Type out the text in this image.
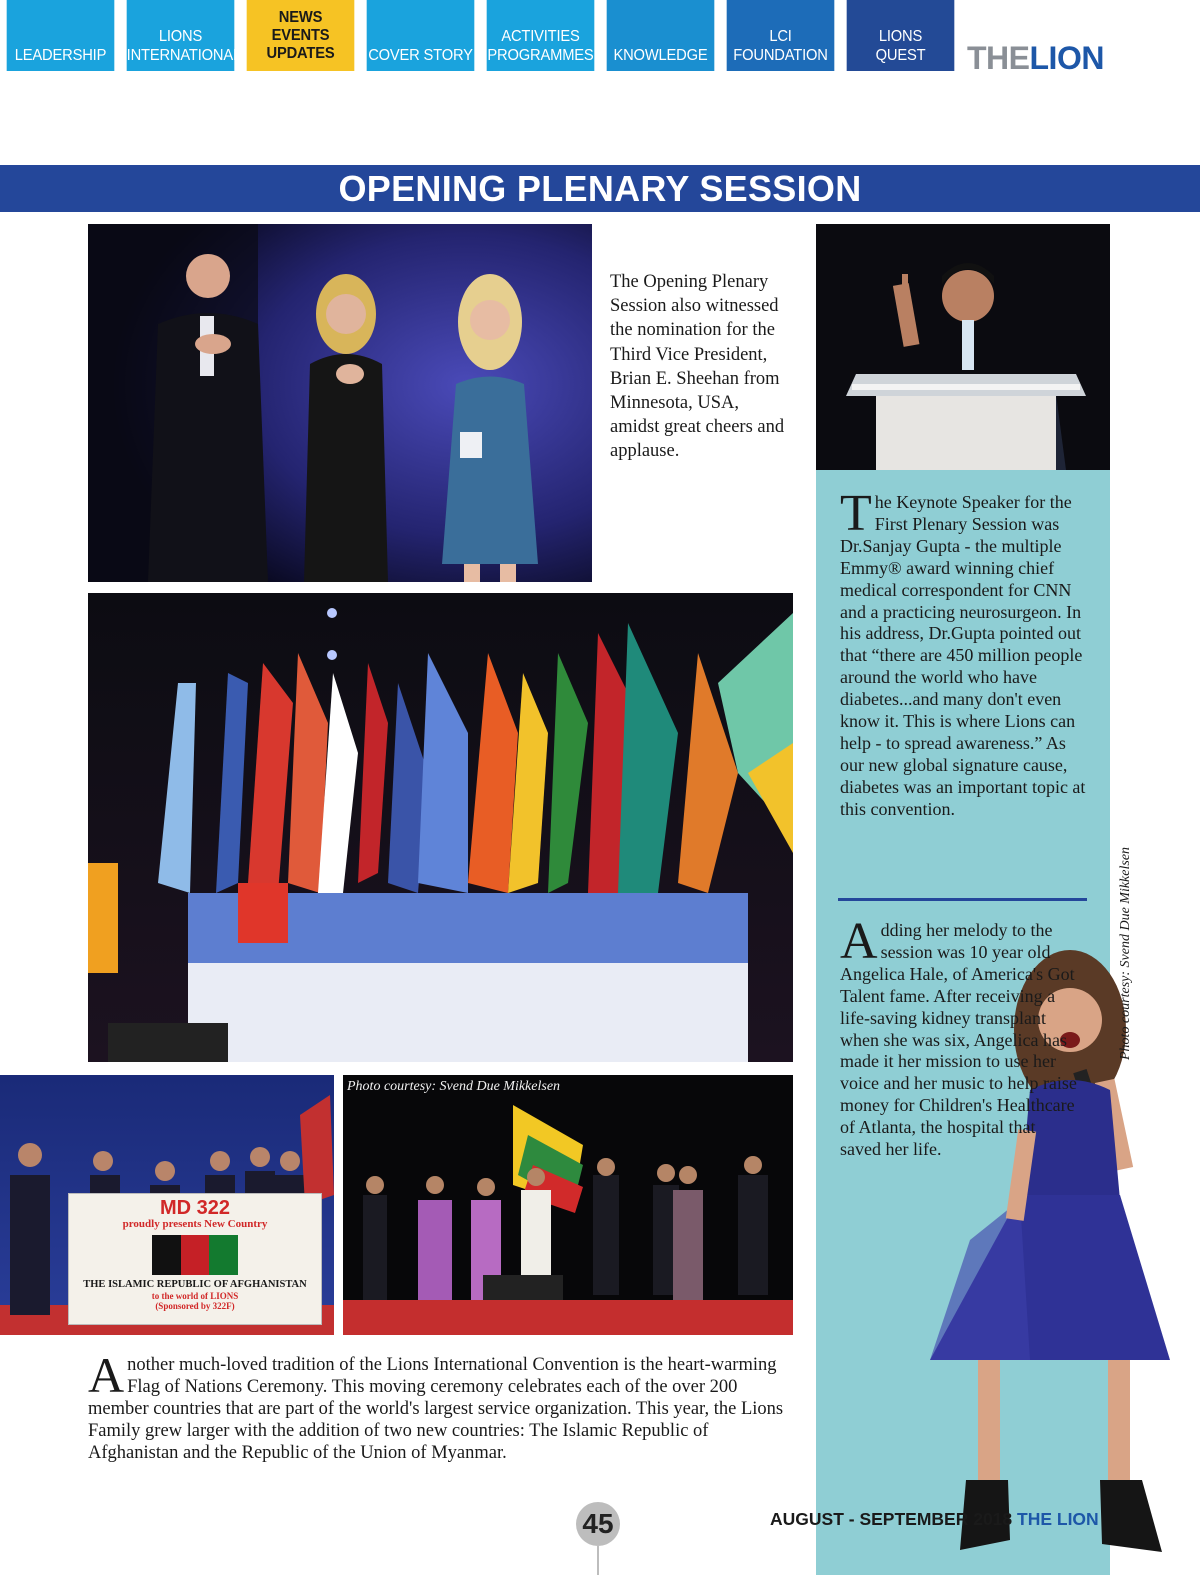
LEADERSHIP
LIONS
INTERNATIONAL
NEWS
EVENTS
UPDATES	COVER STORY
ACTIVITIES
PROGRAMMES	KNOWLEDGE
LCI
FOUNDATION
LIONS
QUEST	THELION
OPENING PLENARY SESSION
The Opening Plenary Session also witnessed the nomination for the Third Vice President, Brian E. Sheehan from Minnesota, USA, amidst great cheers and applause.
The Keynote Speaker for the First Plenary Session was Dr.Sanjay Gupta - the multiple Emmy® award winning chief medical correspondent for CNN and a practicing neurosurgeon. In his address, Dr.Gupta pointed out that “there are 450 million people around the world who have diabetes...and many don't even know it. This is where Lions can help - to spread awareness.” As our new global signature cause, diabetes was an important topic at this convention.
Adding her melody to the session was 10 year old Angelica Hale, of America's Got Talent fame. After receiving a life-saving kidney transplant when she was six, Angelica has made it her mission to use her voice and her music to help raise money for Children's Healthcare of Atlanta, the hospital that saved her life.
Photo courtesy: Svend Due Mikkelsen
MD 322
proudly presents New Country
THE ISLAMIC REPUBLIC OF AFGHANISTAN
to the world of LIONS
(Sponsored by 322F)
Photo courtesy: Svend Due Mikkelsen
Another much-loved tradition of the Lions International Convention is the heart-warming Flag of Nations Ceremony. This moving ceremony celebrates each of the over 200 member countries that are part of the world's largest service organization. This year, the Lions Family grew larger with the addition of two new countries: The Islamic Republic of Afghanistan and the Republic of the Union of Myanmar.
45	AUGUST - SEPTEMBER 2018 THE LION
